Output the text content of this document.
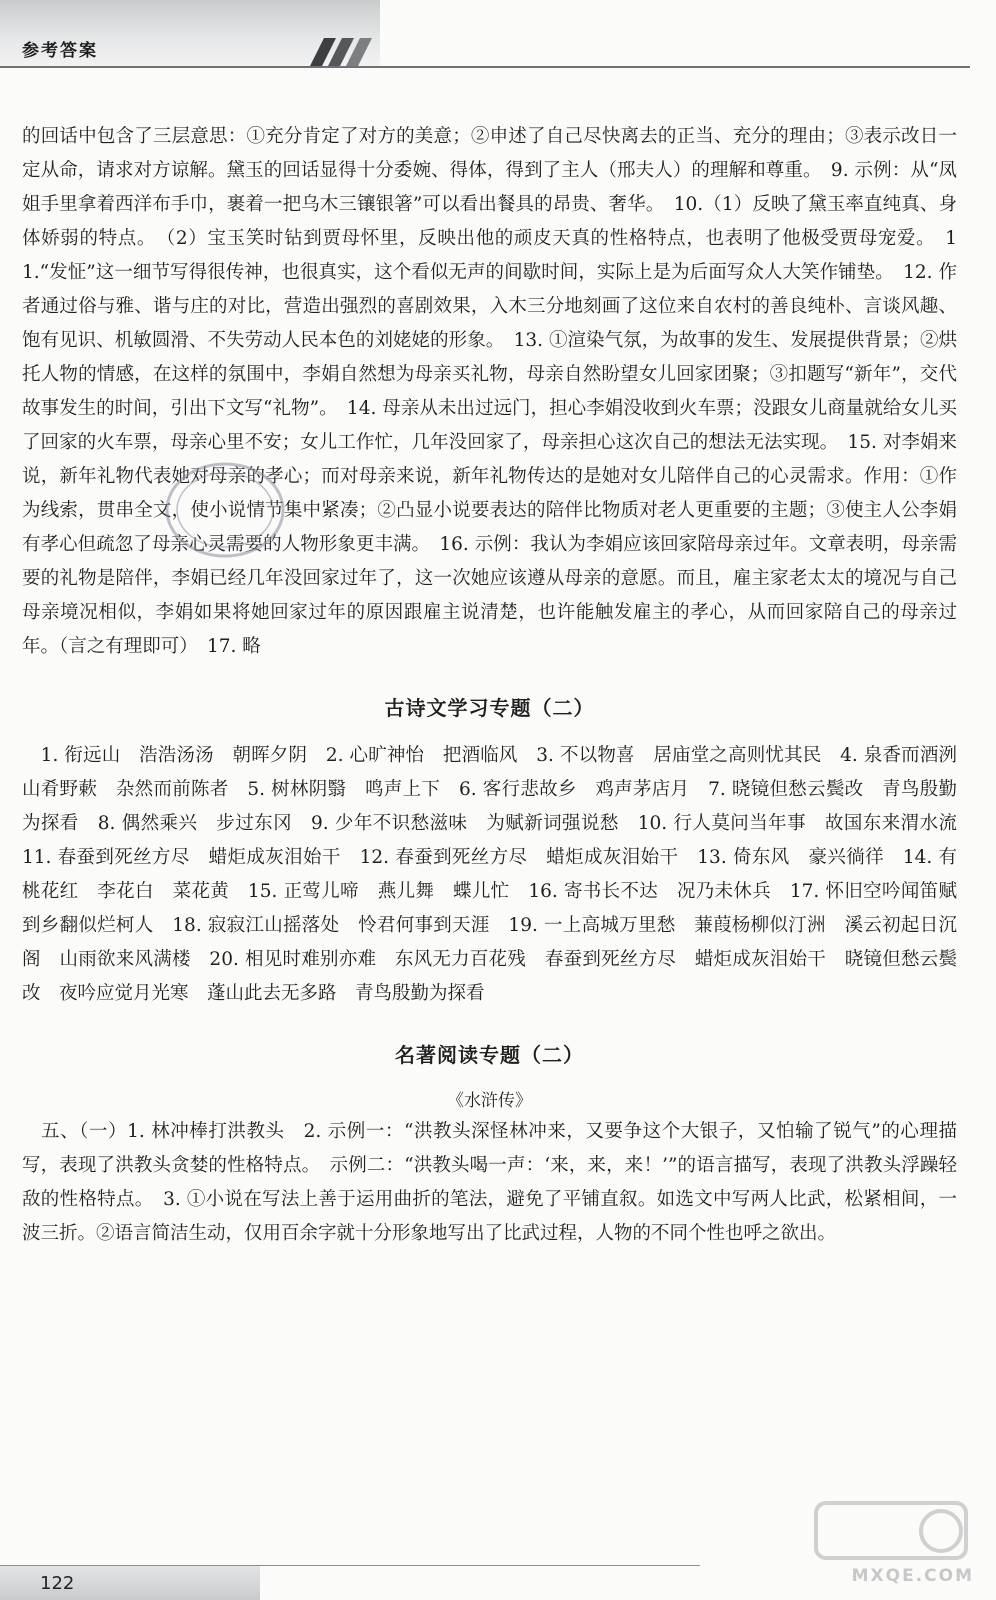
参考答案

的回话中包含了三层意思：①充分肯定了对方的美意；②申述了自己尽快离去的正当、充分的理由；③表示改日一定从命，请求对方谅解。黛玉的回话显得十分委婉、得体，得到了主人（邢夫人）的理解和尊重。　9. 示例：从“凤姐手里拿着西洋布手巾，裹着一把乌木三镶银箸”可以看出餐具的昂贵、奢华。　10.（1）反映了黛玉率直纯真、身体娇弱的特点。　（2）宝玉笑时钻到贾母怀里，反映出他的顽皮天真的性格特点，也表明了他极受贾母宠爱。　11.“发怔”这一细节写得很传神，也很真实，这个看似无声的间歇时间，实际上是为后面写众人大笑作铺垫。　12. 作者通过俗与雅、谐与庄的对比，营造出强烈的喜剧效果，入木三分地刻画了这位来自农村的善良纯朴、言谈风趣、饱有见识、机敏圆滑、不失劳动人民本色的刘姥姥的形象。　13. ①渲染气氛，为故事的发生、发展提供背景；②烘托人物的情感，在这样的氛围中，李娟自然想为母亲买礼物，母亲自然盼望女儿回家团聚；③扣题写“新年”，交代故事发生的时间，引出下文写“礼物”。　14. 母亲从未出过远门，担心李娟没收到火车票；没跟女儿商量就给女儿买了回家的火车票，母亲心里不安；女儿工作忙，几年没回家了，母亲担心这次自己的想法无法实现。　15. 对李娟来说，新年礼物代表她对母亲的孝心；而对母亲来说，新年礼物传达的是她对女儿陪伴自己的心灵需求。作用：①作为线索，贯串全文，使小说情节集中紧凑；②凸显小说要表达的陪伴比物质对老人更重要的主题；③使主人公李娟有孝心但疏忽了母亲心灵需要的人物形象更丰满。　16. 示例：我认为李娟应该回家陪母亲过年。文章表明，母亲需要的礼物是陪伴，李娟已经几年没回家过年了，这一次她应该遵从母亲的意愿。而且，雇主家老太太的境况与自己母亲境况相似，李娟如果将她回家过年的原因跟雇主说清楚，也许能触发雇主的孝心，从而回家陪自己的母亲过年。（言之有理即可）　17. 略

古诗文学习专题（二）

　1. 衔远山　浩浩汤汤　朝晖夕阴　2. 心旷神怡　把酒临风　3. 不以物喜　居庙堂之高则忧其民　4. 泉香而酒洌　山肴野蔌　杂然而前陈者　5. 树林阴翳　鸣声上下　6. 客行悲故乡　鸡声茅店月　7. 晓镜但愁云鬓改　青鸟殷勤为探看　8. 偶然乘兴　步过东冈　9. 少年不识愁滋味　为赋新词强说愁　10. 行人莫问当年事　故国东来渭水流　11. 春蚕到死丝方尽　蜡炬成灰泪始干　12. 春蚕到死丝方尽　蜡炬成灰泪始干　13. 倚东风　豪兴徜徉　14. 有桃花红　李花白　菜花黄　15. 正莺儿啼　燕儿舞　蝶儿忙　16. 寄书长不达　况乃未休兵　17. 怀旧空吟闻笛赋　到乡翻似烂柯人　18. 寂寂江山摇落处　怜君何事到天涯　19. 一上高城万里愁　蒹葭杨柳似汀洲　溪云初起日沉阁　山雨欲来风满楼　20. 相见时难别亦难　东风无力百花残　春蚕到死丝方尽　蜡炬成灰泪始干　晓镜但愁云鬓改　夜吟应觉月光寒　蓬山此去无多路　青鸟殷勤为探看

名著阅读专题（二）
《水浒传》

　五、（一）1. 林冲棒打洪教头　2. 示例一：“洪教头深怪林冲来，又要争这个大银子，又怕输了锐气”的心理描写，表现了洪教头贪婪的性格特点。　示例二：“洪教头喝一声：‘来，来，来！’”的语言描写，表现了洪教头浮躁轻敌的性格特点。　3. ①小说在写法上善于运用曲折的笔法，避免了平铺直叙。如选文中写两人比武，松紧相间，一波三折。②语言简洁生动，仅用百余字就十分形象地写出了比武过程，人物的不同个性也呼之欲出。

122	MXQE.COM
